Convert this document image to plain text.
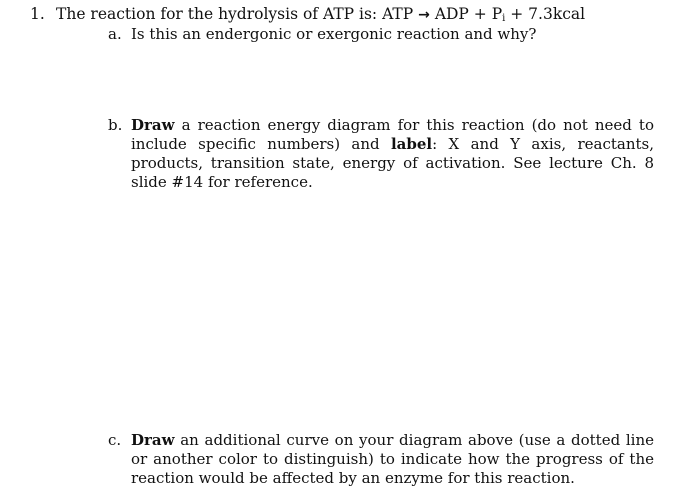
1. The reaction for the hydrolysis of ATP is: ATP → ADP + $P_i$ + 7.3kcal
a. Is this an endergonic or exergonic reaction and why?
b. Draw a reaction energy diagram for this reaction (do not need to include specific numbers) and label: X and Y axis, reactants, products, transition state, energy of activation. See lecture Ch. 8 slide #14 for reference.
c. Draw an additional curve on your diagram above (use a dotted line or another color to distinguish) to indicate how the progress of the reaction would be affected by an enzyme for this reaction.
